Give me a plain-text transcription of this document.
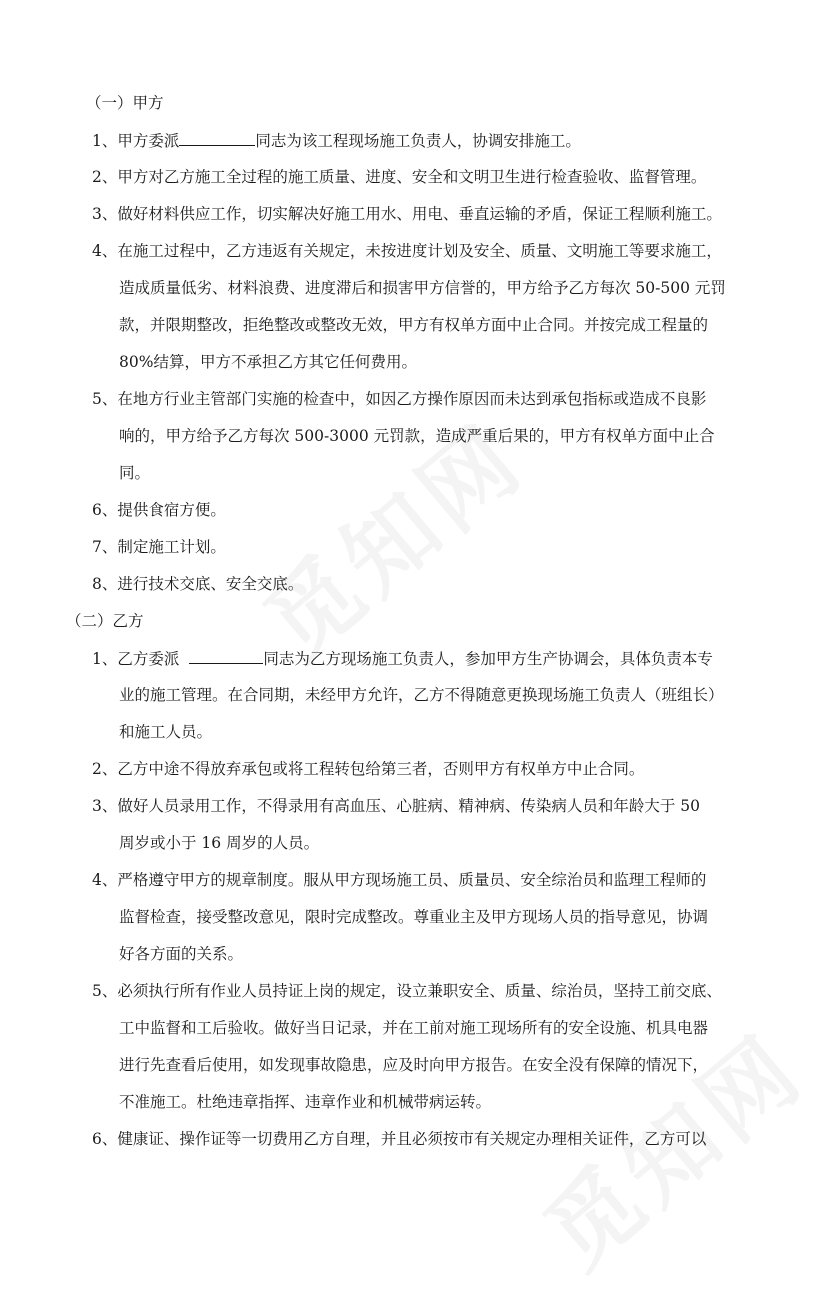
（一）甲方
1、甲方委派	同志为该工程现场施工负责人，协调安排施工。
2、甲方对乙方施工全过程的施工质量、进度、安全和文明卫生进行检查验收、监督管理。
3、做好材料供应工作，切实解决好施工用水、用电、垂直运输的矛盾，保证工程顺利施工。
4、在施工过程中，乙方违返有关规定，未按进度计划及安全、质量、文明施工等要求施工，
造成质量低劣、材料浪费、进度滞后和损害甲方信誉的，甲方给予乙方每次 50-500 元罚
款，并限期整改，拒绝整改或整改无效，甲方有权单方面中止合同。并按完成工程量的
80%结算，甲方不承担乙方其它任何费用。
5、在地方行业主管部门实施的检查中，如因乙方操作原因而未达到承包指标或造成不良影
响的，甲方给予乙方每次 500-3000 元罚款，造成严重后果的，甲方有权单方面中止合
同。
6、提供食宿方便。
7、制定施工计划。
8、进行技术交底、安全交底。
（二）乙方
1、乙方委派	同志为乙方现场施工负责人，参加甲方生产协调会，具体负责本专
业的施工管理。在合同期，未经甲方允许，乙方不得随意更换现场施工负责人（班组长）
和施工人员。
2、乙方中途不得放弃承包或将工程转包给第三者，否则甲方有权单方中止合同。
3、做好人员录用工作，不得录用有高血压、心脏病、精神病、传染病人员和年龄大于 50
周岁或小于 16 周岁的人员。
4、严格遵守甲方的规章制度。服从甲方现场施工员、质量员、安全综治员和监理工程师的
监督检查，接受整改意见，限时完成整改。尊重业主及甲方现场人员的指导意见，协调
好各方面的关系。
5、必须执行所有作业人员持证上岗的规定，设立兼职安全、质量、综治员，坚持工前交底、
工中监督和工后验收。做好当日记录，并在工前对施工现场所有的安全设施、机具电器
进行先查看后使用，如发现事故隐患，应及时向甲方报告。在安全没有保障的情况下，
不准施工。杜绝违章指挥、违章作业和机械带病运转。
6、健康证、操作证等一切费用乙方自理，并且必须按市有关规定办理相关证件，乙方可以
